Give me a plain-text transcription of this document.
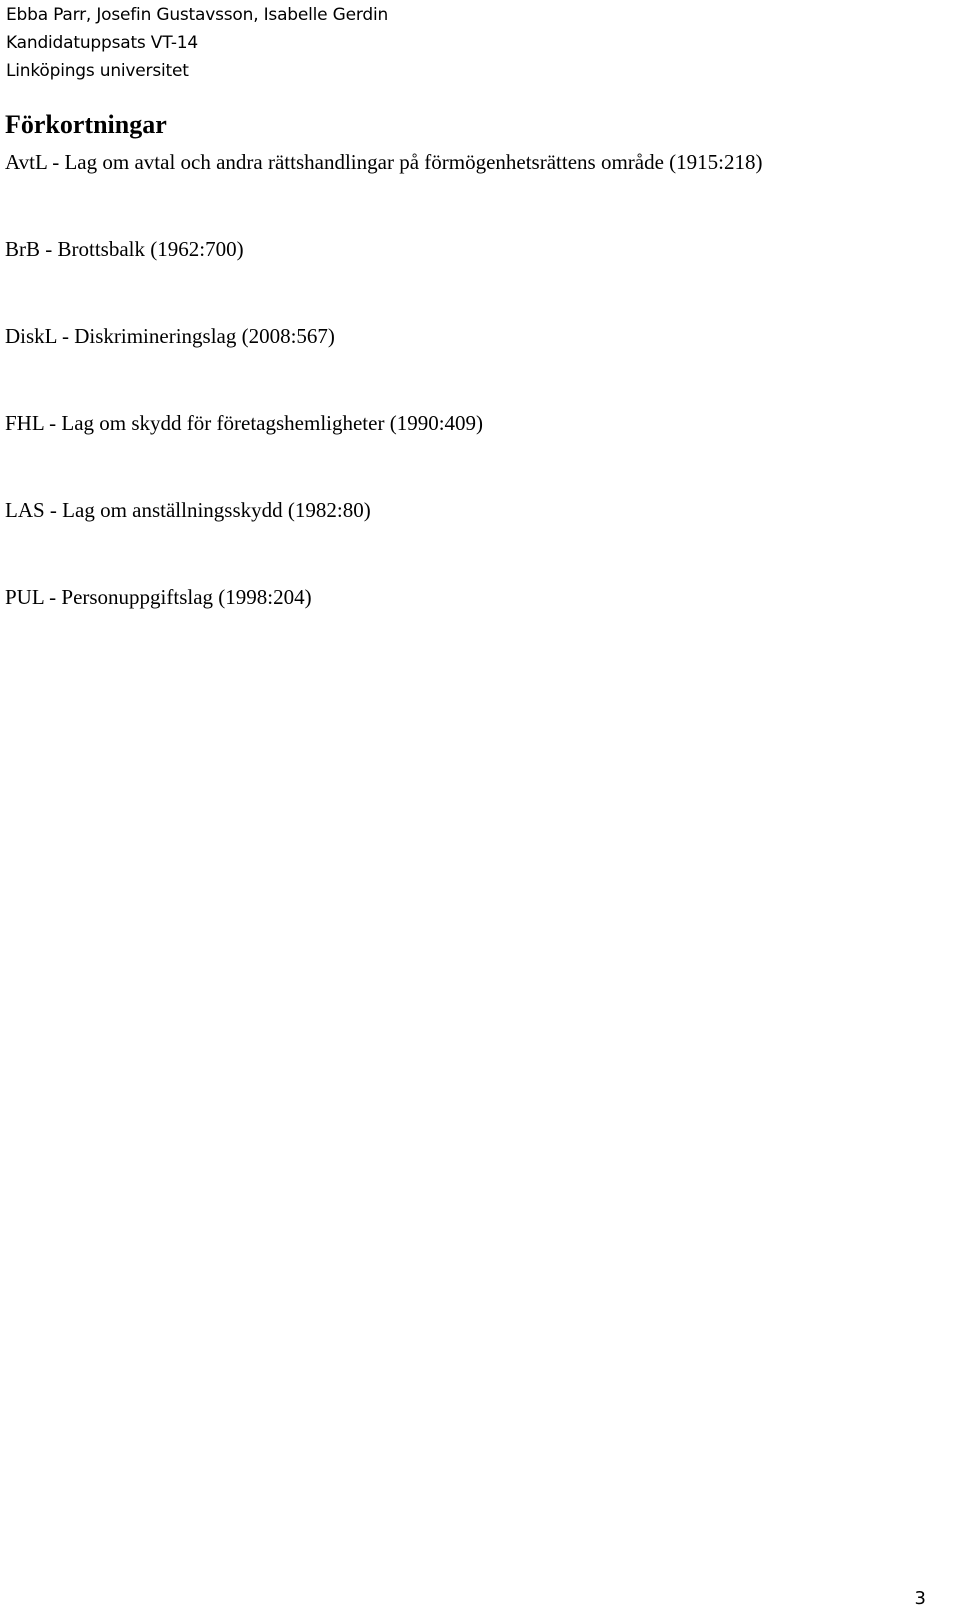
Ebba Parr, Josefin Gustavsson, Isabelle Gerdin
Kandidatuppsats VT-14
Linköpings universitet
Förkortningar
AvtL - Lag om avtal och andra rättshandlingar på förmögenhetsrättens område (1915:218)
BrB - Brottsbalk (1962:700)
DiskL - Diskrimineringslag (2008:567)
FHL - Lag om skydd för företagshemligheter (1990:409)
LAS - Lag om anställningsskydd (1982:80)
PUL - Personuppgiftslag (1998:204)
3
